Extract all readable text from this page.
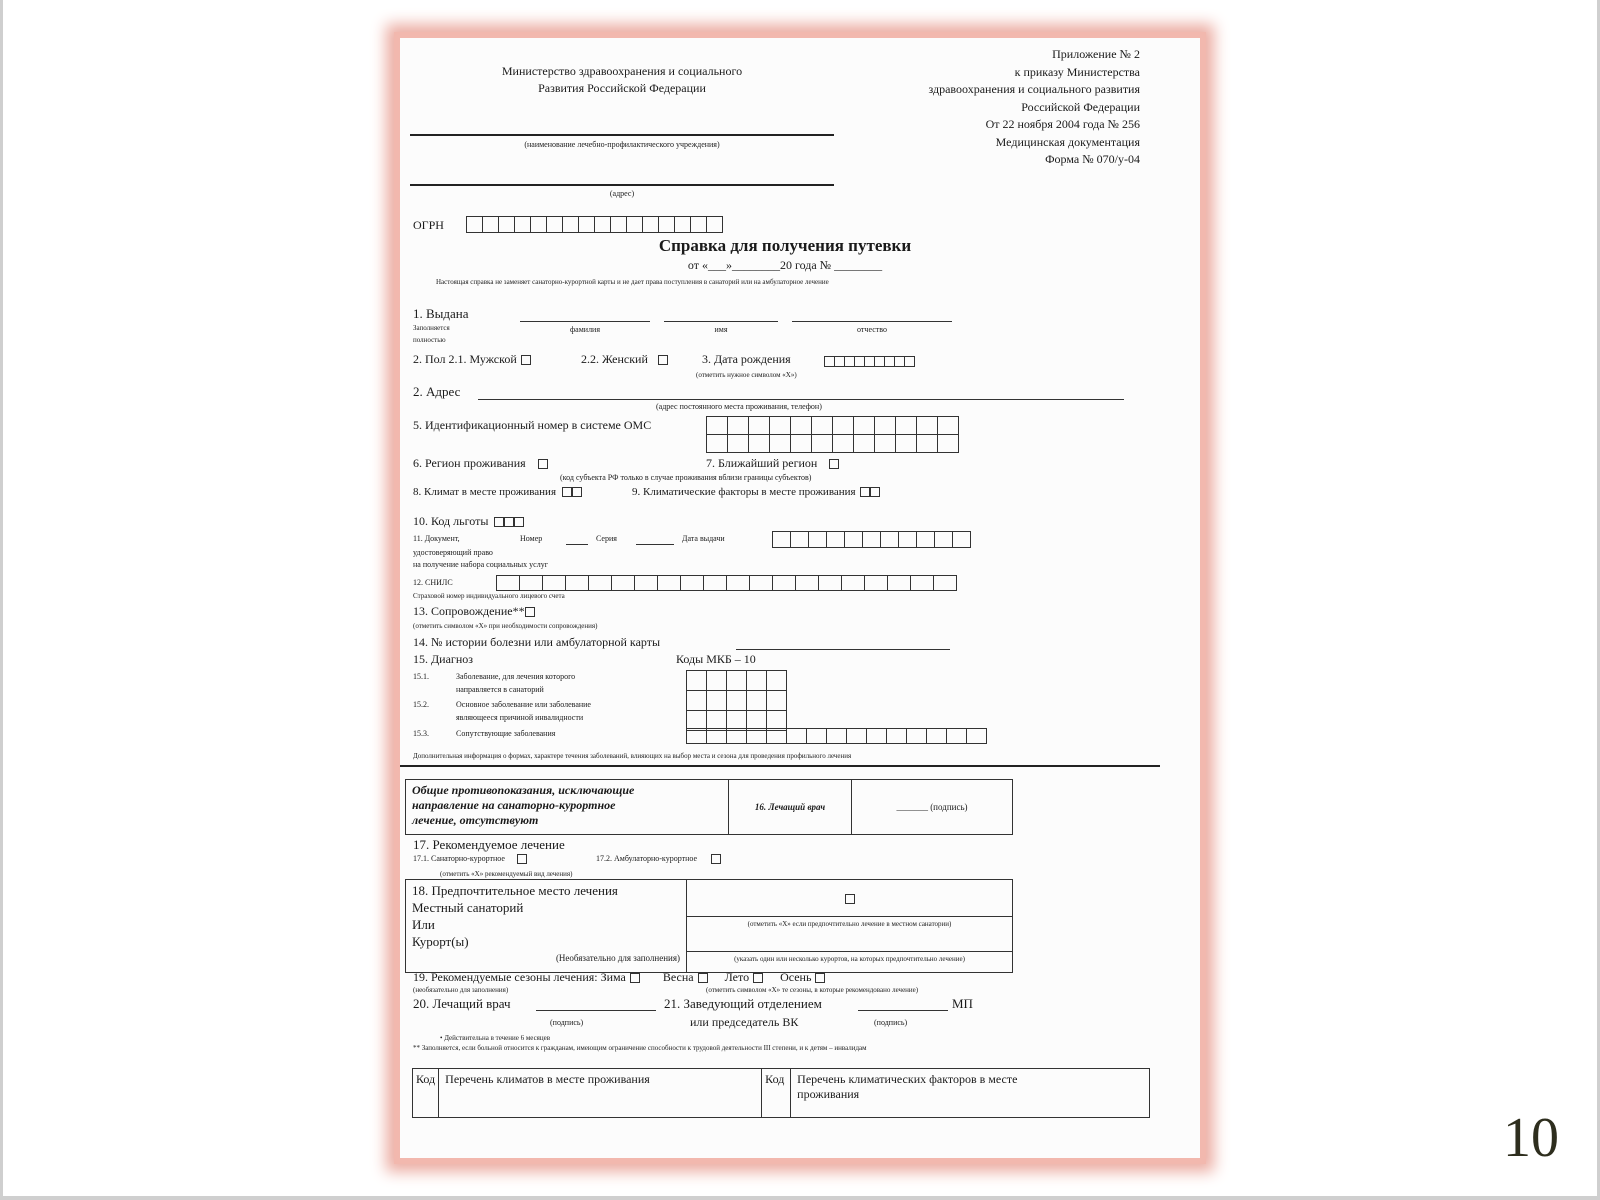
10
Министерство здравоохранения и социального
Развития Российской Федерации
(наименование лечебно-профилактического учреждения)
(адрес)
Приложение № 2
к приказу Министерства
здравоохранения и социального развития
Российской Федерации
От 22 ноября 2004 года № 256
Медицинская документация
Форма № 070/у-04
ОГРН
Справка для получения путевки
от «___»________20 года № ________
Настоящая справка не заменяет санаторно-курортной карты и не дает права поступления в санаторий или на амбулаторное лечение
1. Выдана
Заполняется
полностью
фамилия	имя	отчество
2. Пол 2.1. Мужской	2.2. Женский	3. Дата рождения
(отметить нужное символом «Х»)
2. Адрес
(адрес постоянного места проживания, телефон)
5. Идентификационный номер в системе ОМС
6. Регион проживания	7. Ближайший регион
(код субъекта РФ только в случае проживания вблизи границы субъектов)
8. Климат в месте проживания	9. Климатические факторы в месте проживания
10. Код льготы
11. Документ,	Номер	Серия	Дата выдачи
удостоверяющий право
на получение набора социальных услуг
12. СНИЛС
Страховой номер индивидуального лицевого счета
13. Сопровождение**
(отметить символом «Х» при необходимости сопровождения)
14. № истории болезни или амбулаторной карты
15. Диагноз	Коды МКБ – 10
15.1.	Заболевание, для лечения которого
направляется в санаторий
15.2.	Основное заболевание или заболевание
являющееся причиной инвалидности
15.3.	Сопутствующие заболевания
Дополнительная информация о формах, характере течения заболеваний, влияющих на выбор места и сезона для проведения профильного лечения
Общие противопоказания, исключающие
направление на санаторно-курортное
лечение, отсутствуют
	16. Лечащий врач	_______ (подпись)
17. Рекомендуемое лечение
17.1. Санаторно-курортное	17.2. Амбулаторно-курортное
(отметить «Х» рекомендуемый вид лечения)
18. Предпочтительное место лечения
Местный санаторий
Или
Курорт(ы)
(Необязательно для заполнения)

(отметить «Х» если предпочтительно лечение в местном санатории)
(указать один или несколько курортов, на которых предпочтительно лечение)
19. Рекомендуемые сезоны лечения: Зима	Весна	Лето	Осень
(необязательно для заполнения)	(отметить символом «Х» те сезоны, в которые рекомендовано лечение)
20. Лечащий врач	21. Заведующий отделением	МП
(подпись)	или председатель ВК	(подпись)
• Действительна в течение 6 месяцев
** Заполняется, если больной относится к гражданам, имеющим ограничение способности к трудовой деятельности III степени, и к детям – инвалидам
Код	Перечень климатов в месте проживания	Код	Перечень климатических факторов в месте
проживания
